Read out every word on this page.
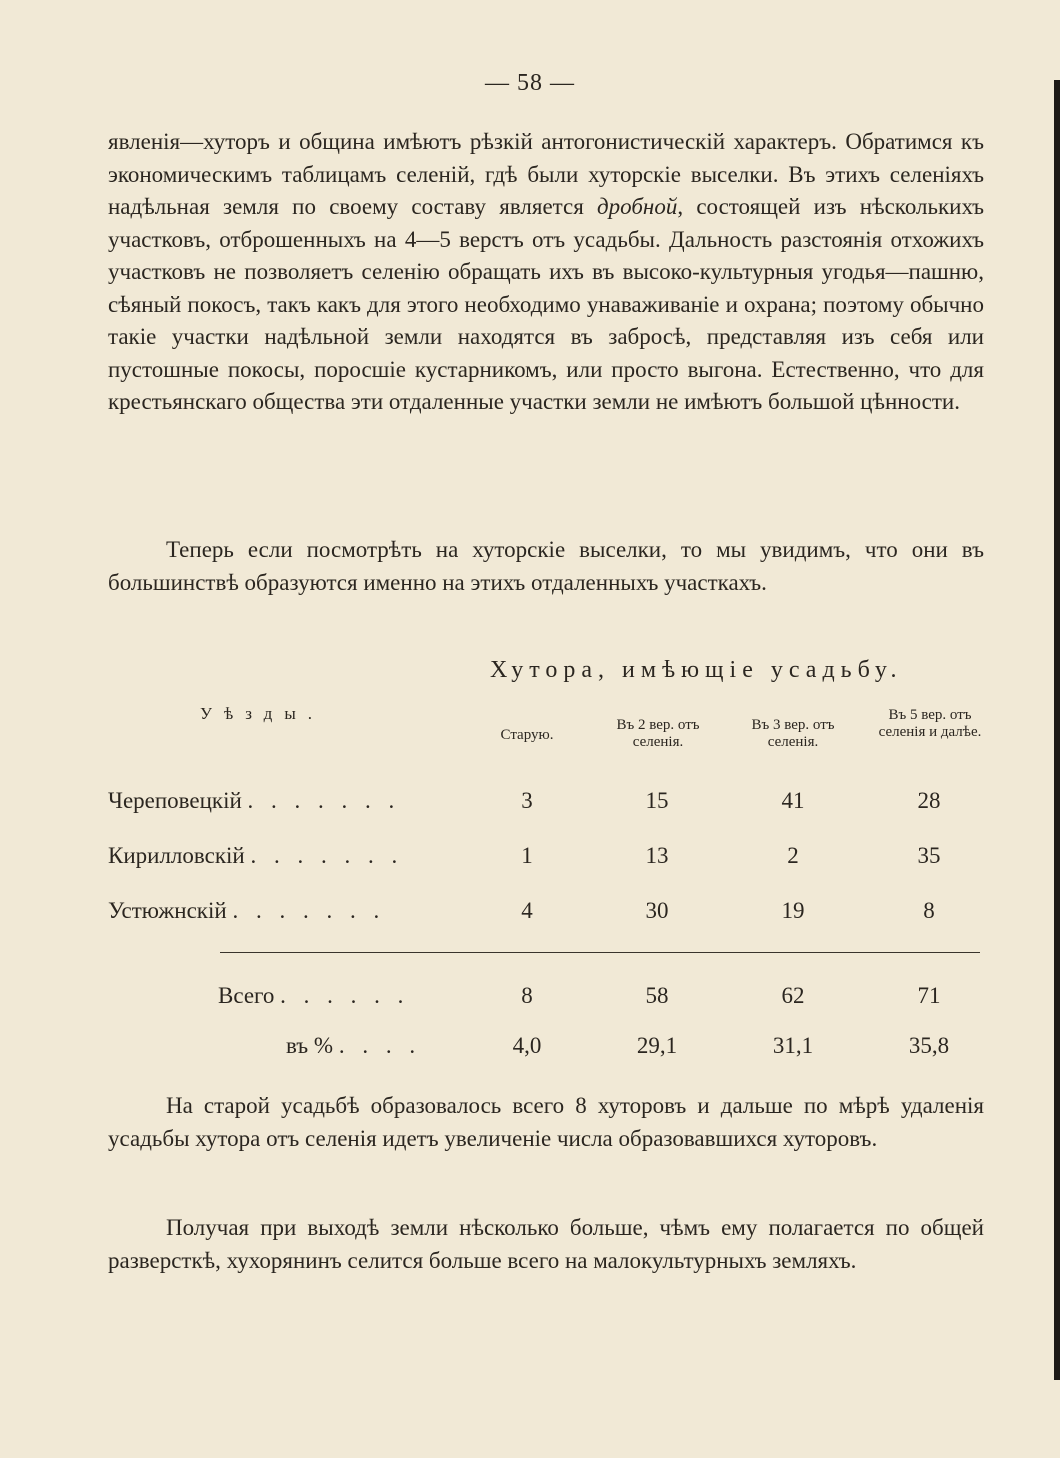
— 58 —
явленія—хуторъ и община имѣютъ рѣзкій антогонистическій характеръ. Обратимся къ экономическимъ таблицамъ селеній, гдѣ были хуторскіе выселки. Въ этихъ селеніяхъ надѣльная земля по своему составу является дробной, состоящей изъ нѣсколькихъ участковъ, отброшенныхъ на 4—5 верстъ отъ усадьбы. Дальность разстоянія отхожихъ участковъ не позволяетъ селенію обращать ихъ въ высоко-культурныя угодья—пашню, сѣяный покосъ, такъ какъ для этого необходимо унаваживаніе и охрана; поэтому обычно такіе участки надѣльной земли находятся въ забросѣ, представляя изъ себя или пустошные покосы, поросшіе кустарникомъ, или просто выгона. Естественно, что для крестьянскаго общества эти отдаленные участки земли не имѣютъ большой цѣнности.
Теперь если посмотрѣть на хуторскіе выселки, то мы увидимъ, что они въ большинствѣ образуются именно на этихъ отдаленныхъ участкахъ.
Хутора, имѣющіе усадьбу.
Уѣзды.
Старую.
Въ 2 вер. отъ селенія.
Въ 3 вер. отъ селенія.
Въ 5 вер. отъ селенія и далѣе.
Череповецкій . . . . . . .	3	15	41	28
Кирилловскій . . . . . . .	1	13	2	35
Устюжнскій . . . . . . .	4	30	19	8
Всего . . . . . .	8	58	62	71
въ % . . . .	4,0	29,1	31,1	35,8
На старой усадьбѣ образовалось всего 8 хуторовъ и дальше по мѣрѣ удаленія усадьбы хутора отъ селенія идетъ увеличеніе числа образовавшихся хуторовъ.
Получая при выходѣ земли нѣсколько больше, чѣмъ ему полагается по общей разверсткѣ, хухорянинъ селится больше всего на малокультурныхъ земляхъ.
